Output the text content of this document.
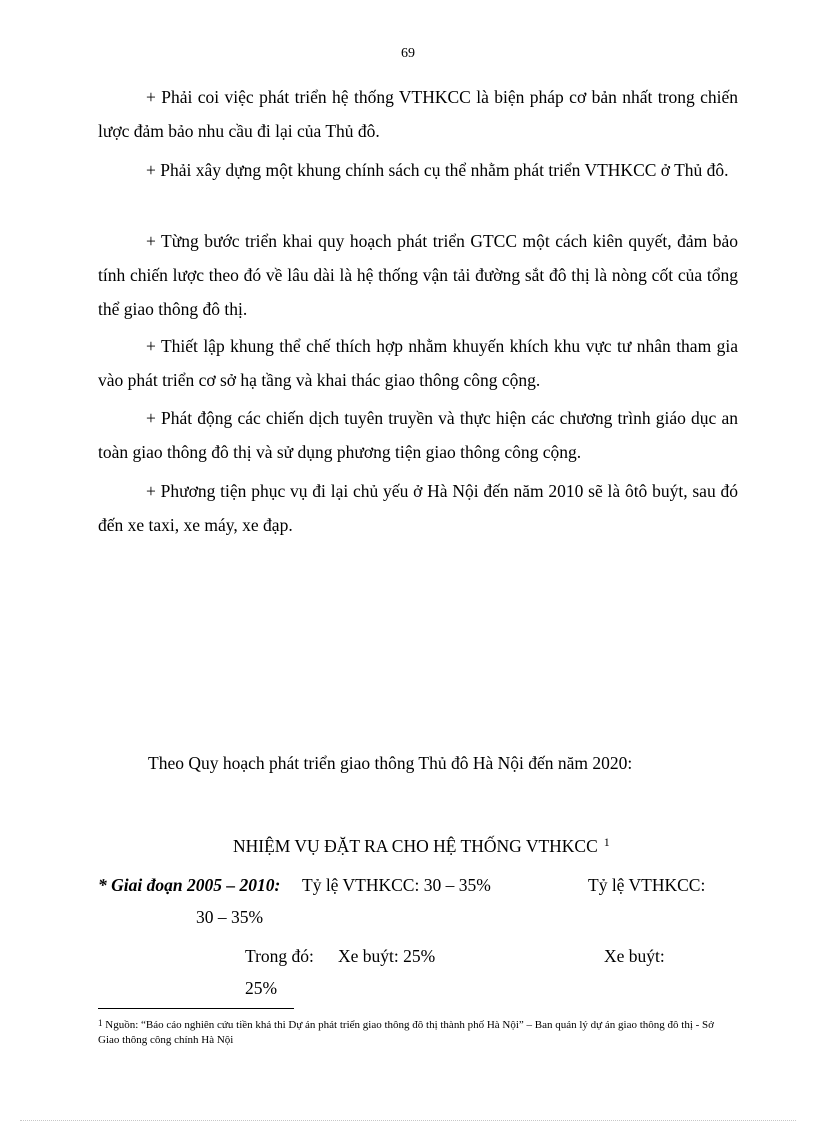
69

+ Phải coi việc phát triển hệ thống VTHKCC là biện pháp cơ bản nhất trong chiến lược đảm bảo nhu cầu đi lại của Thủ đô.

+ Phải xây dựng một khung chính sách cụ thể nhằm phát triển VTHKCC ở Thủ đô.

+ Từng bước triển khai quy hoạch phát triển GTCC một cách kiên quyết, đảm bảo tính chiến lược theo đó về lâu dài là hệ thống vận tải đường sắt đô thị là nòng cốt của tổng thể giao thông đô thị.

+ Thiết lập khung thể chế thích hợp nhằm khuyến khích khu vực tư nhân tham gia vào phát triển cơ sở hạ tầng và khai thác giao thông công cộng.

+ Phát động các chiến dịch tuyên truyền và thực hiện các chương trình giáo dục an toàn giao thông đô thị và sử dụng phương tiện giao thông công cộng.

+ Phương tiện phục vụ đi lại chủ yếu ở Hà Nội đến năm 2010 sẽ là ôtô buýt, sau đó đến xe taxi, xe máy, xe đạp.

Theo Quy hoạch phát triển giao thông Thủ đô Hà Nội đến năm 2020:

NHIỆM VỤ ĐẶT RA CHO HỆ THỐNG VTHKCC $^1$

* Giai đoạn 2005 – 2010: Tỷ lệ VTHKCC: 30 – 35%	Tỷ lệ VTHKCC:

30 – 35%

Trong đó: Xe buýt: 25%	Xe buýt:

25%

$^1$ Nguồn: “Báo cáo nghiên cứu tiền khả thi Dự án phát triển giao thông đô thị thành phố Hà Nội” – Ban quản lý dự án giao thông đô thị - Sở Giao thông công chính Hà Nội
